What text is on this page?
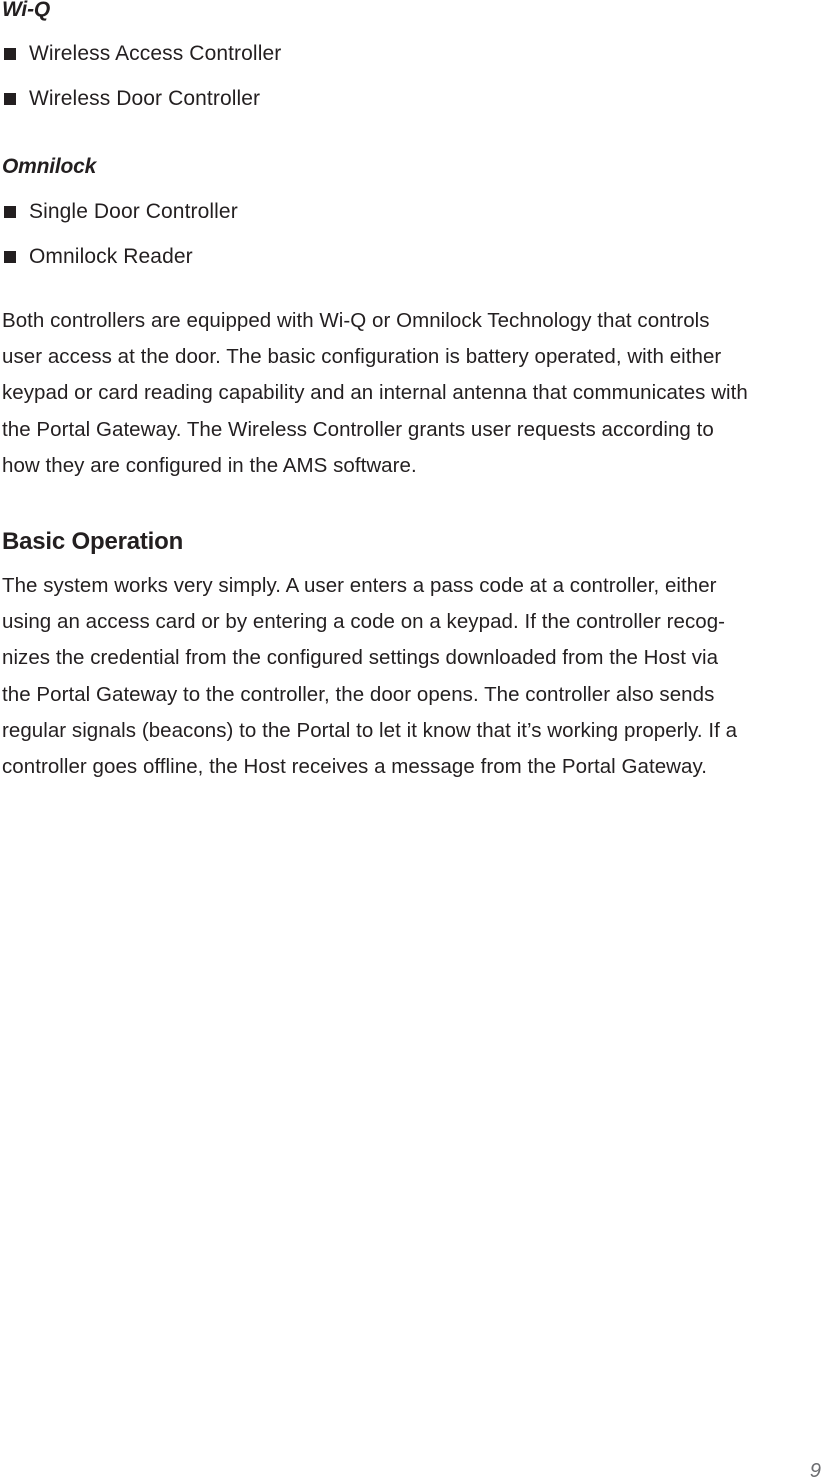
Wi-Q
Wireless Access Controller
Wireless Door Controller
Omnilock
Single Door Controller
Omnilock Reader

Both controllers are equipped with Wi-Q or Omnilock Technology that controls
user access at the door. The basic configuration is battery operated, with either
keypad or card reading capability and an internal antenna that communicates with
the Portal Gateway. The Wireless Controller grants user requests according to
how they are configured in the AMS software.

Basic Operation

The system works very simply. A user enters a pass code at a controller, either
using an access card or by entering a code on a keypad. If the controller recog-
nizes the credential from the configured settings downloaded from the Host via
the Portal Gateway to the controller, the door opens. The controller also sends
regular signals (beacons) to the Portal to let it know that it’s working properly. If a
controller goes offline, the Host receives a message from the Portal Gateway.

9
